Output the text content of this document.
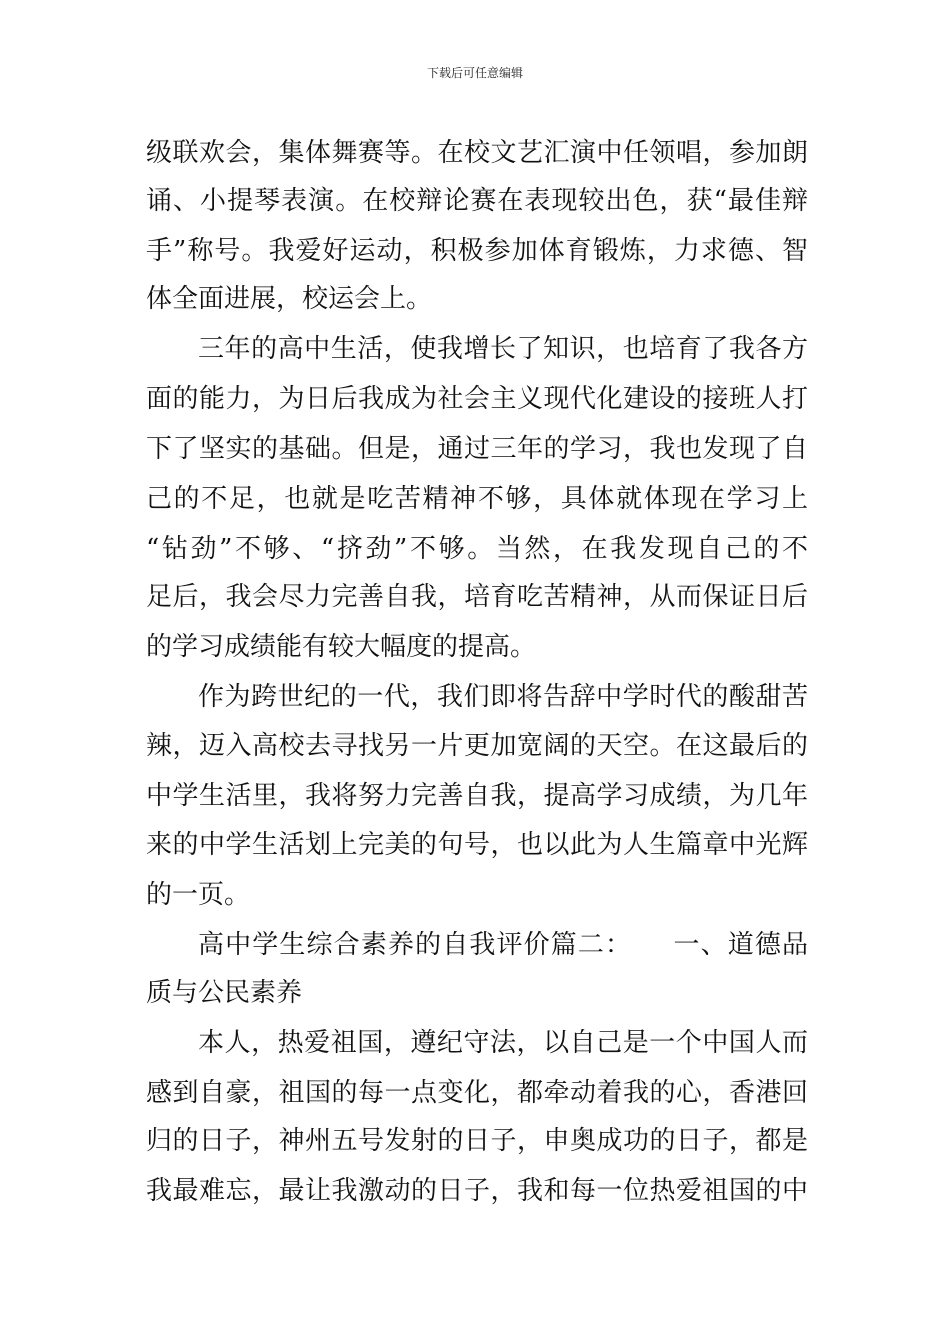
下载后可任意编辑
级联欢会，集体舞赛等。在校文艺汇演中任领唱，参加朗
诵、小提琴表演。在校辩论赛在表现较出色，获“最佳辩
手”称号。我爱好运动，积极参加体育锻炼，力求德、智
体全面进展，校运会上。
三年的高中生活，使我增长了知识，也培育了我各方
面的能力，为日后我成为社会主义现代化建设的接班人打
下了坚实的基础。但是，通过三年的学习，我也发现了自
己的不足，也就是吃苦精神不够，具体就体现在学习上
“钻劲”不够、“挤劲”不够。当然，在我发现自己的不
足后，我会尽力完善自我，培育吃苦精神，从而保证日后
的学习成绩能有较大幅度的提高。
作为跨世纪的一代，我们即将告辞中学时代的酸甜苦
辣，迈入高校去寻找另一片更加宽阔的天空。在这最后的
中学生活里，我将努力完善自我，提高学习成绩，为几年
来的中学生活划上完美的句号，也以此为人生篇章中光辉
的一页。
高中学生综合素养的自我评价篇二：　　一、道德品
质与公民素养
本人，热爱祖国，遵纪守法，以自己是一个中国人而
感到自豪，祖国的每一点变化，都牵动着我的心，香港回
归的日子，神州五号发射的日子，申奥成功的日子，都是
我最难忘，最让我激动的日子，我和每一位热爱祖国的中
